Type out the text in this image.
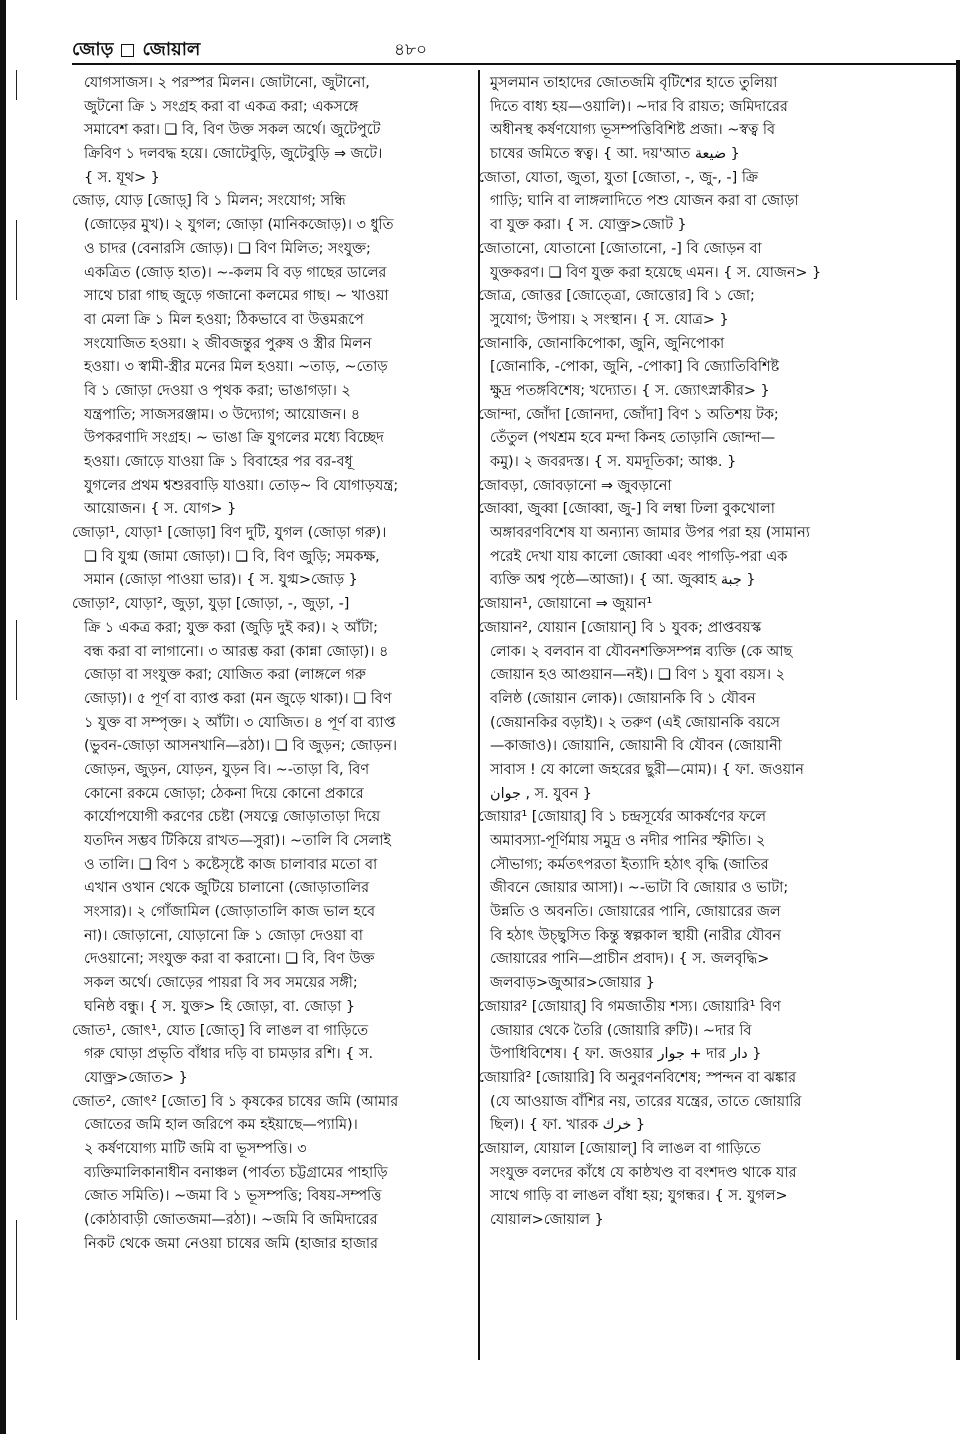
জোড় জোয়াল	৪৮০
যোগসাজস। ২ পরস্পর মিলন। জোটানো, জুটানো,
জুটনো ক্রি ১ সংগ্রহ করা বা একত্র করা; একসঙ্গে
সমাবেশ করা। ❏ বি, বিণ উক্ত সকল অর্থে। জুটেপুটে
ক্রিবিণ ১ দলবদ্ধ হয়ে। জোটেবুড়ি, জুটেবুড়ি ⇒ জটে।
{ স. যূথ> }
জোড়, যোড় [জোড়্] বি ১ মিলন; সংযোগ; সন্ধি
(জোড়ের মুখ)। ২ যুগল; জোড়া (মানিকজোড়)। ৩ ধুতি
ও চাদর (বেনারসি জোড়)। ❏ বিণ মিলিত; সংযুক্ত;
একত্রিত (জোড় হাত)। ~-কলম বি বড় গাছের ডালের
সাথে চারা গাছ জুড়ে গজানো কলমের গাছ। ~ খাওয়া
বা মেলা ক্রি ১ মিল হওয়া; ঠিকভাবে বা উত্তমরূপে
সংযোজিত হওয়া। ২ জীবজন্তুর পুরুষ ও স্ত্রীর মিলন
হওয়া। ৩ স্বামী-স্ত্রীর মনের মিল হওয়া। ~তাড়, ~তোড়
বি ১ জোড়া দেওয়া ও পৃথক করা; ভাঙাগড়া। ২
যন্ত্রপাতি; সাজসরঞ্জাম। ৩ উদ্যোগ; আয়োজন। ৪
উপকরণাদি সংগ্রহ। ~ ভাঙা ক্রি যুগলের মধ্যে বিচ্ছেদ
হওয়া। জোড়ে যাওয়া ক্রি ১ বিবাহের পর বর-বধূ
যুগলের প্রথম শ্বশুরবাড়ি যাওয়া। তোড়~ বি যোগাড়যন্ত্র;
আয়োজন। { স. যোগ> }
জোড়া¹, যোড়া¹ [জোড়া] বিণ দুটি, যুগল (জোড়া গরু)।
❏ বি যুগ্ম (জামা জোড়া)। ❏ বি, বিণ জুড়ি; সমকক্ষ,
সমান (জোড়া পাওয়া ভার)। { স. যুগ্ম>জোড় }
জোড়া², যোড়া², জুড়া, যুড়া [জোড়া, -, জুড়া, -]
ক্রি ১ একত্র করা; যুক্ত করা (জুড়ি দুই কর)। ২ আঁটা;
বন্ধ করা বা লাগানো। ৩ আরম্ভ করা (কান্না জোড়া)। ৪
জোড়া বা সংযুক্ত করা; যোজিত করা (লাঙ্গলে গরু
জোড়া)। ৫ পূর্ণ বা ব্যাপ্ত করা (মন জুড়ে থাকা)। ❏ বিণ
১ যুক্ত বা সম্পৃক্ত। ২ আঁটা। ৩ যোজিত। ৪ পূর্ণ বা ব্যাপ্ত
(ভুবন-জোড়া আসনখানি—রঠা)। ❏ বি জুড়ন; জোড়ন।
জোড়ন, জুড়ন, যোড়ন, যুড়ন বি। ~-তাড়া বি, বিণ
কোনো রকমে জোড়া; ঠেকনা দিয়ে কোনো প্রকারে
কার্যোপযোগী করণের চেষ্টা (সযত্নে জোড়াতাড়া দিয়ে
যতদিন সম্ভব টিকিয়ে রাখত—সুরা)। ~তালি বি সেলাই
ও তালি। ❏ বিণ ১ কষ্টেসৃষ্টে কাজ চালাবার মতো বা
এখান ওখান থেকে জুটিয়ে চালানো (জোড়াতালির
সংসার)। ২ গোঁজামিল (জোড়াতালি কাজ ভাল হবে
না)। জোড়ানো, যোড়ানো ক্রি ১ জোড়া দেওয়া বা
দেওয়ানো; সংযুক্ত করা বা করানো। ❏ বি, বিণ উক্ত
সকল অর্থে। জোড়ের পায়রা বি সব সময়ের সঙ্গী;
ঘনিষ্ঠ বন্ধু। { স. যুক্ত> হি জোড়া, বা. জোড়া }
জোত¹, জোৎ¹, যোত [জোত্] বি লাঙল বা গাড়িতে
গরু ঘোড়া প্রভৃতি বাঁধার দড়ি বা চামড়ার রশি। { স.
যোক্ত্র>জোত> }
জোত², জোৎ² [জোত] বি ১ কৃষকের চাষের জমি (আমার
জোতের জমি হাল জরিপে কম হইয়াছে—প্যামি)।
২ কর্ষণযোগ্য মাটি জমি বা ভূসম্পত্তি। ৩
ব্যক্তিমালিকানাধীন বনাঞ্চল (পার্বত্য চট্টগ্রামের পাহাড়ি
জোত সমিতি)। ~জমা বি ১ ভূসম্পত্তি; বিষয়-সম্পত্তি
(কোঠাবাড়ী জোতজমা—রঠা)। ~জমি বি জমিদারের
নিকট থেকে জমা নেওয়া চাষের জমি (হাজার হাজার
মুসলমান তাহাদের জোতজমি বৃটিশের হাতে তুলিয়া
দিতে বাধ্য হয়—ওয়ালি)। ~দার বি রায়ত; জমিদারের
অধীনস্থ কর্ষণযোগ্য ভূসম্পত্তিবিশিষ্ট প্রজা। ~স্বত্ব বি
চাষের জমিতে স্বত্ব। { আ. দয়'আত ضيعة }
জোতা, যোতা, জুতা, যুতা [জোতা, -, জু-, -] ক্রি
গাড়ি; ঘানি বা লাঙ্গলাদিতে পশু যোজন করা বা জোড়া
বা যুক্ত করা। { স. যোক্ত্র>জোট }
জোতানো, যোতানো [জোতানো, -] বি জোড়ন বা
যুক্তকরণ। ❏ বিণ যুক্ত করা হয়েছে এমন। { স. যোজন> }
জোত্র, জোত্তর [জোত্ত্রো, জোত্তোর] বি ১ জো;
সুযোগ; উপায়। ২ সংস্থান। { স. যোত্র> }
জোনাকি, জোনাকিপোকা, জুনি, জুনিপোকা
[জোনাকি, -পোকা, জুনি, -পোকা] বি জ্যোতিবিশিষ্ট
ক্ষুদ্র পতঙ্গবিশেষ; খদ্যোত। { স. জ্যোৎস্নাকীর> }
জোন্দা, জোঁদা [জোনদা, জোঁদা] বিণ ১ অতিশয় টক;
তেঁতুল (পথশ্রম হবে মন্দা কিনহ তোড়ানি জোন্দা—
কমু)। ২ জবরদস্ত। { স. যমদূতিকা; আঞ্চ. }
জোবড়া, জোবড়ানো ⇒ জুবড়ানো
জোব্বা, জুব্বা [জোব্বা, জু-] বি লম্বা ঢিলা বুকখোলা
অঙ্গাবরণবিশেষ যা অন্যান্য জামার উপর পরা হয় (সামান্য
পরেই দেখা যায় কালো জোব্বা এবং পাগড়ি-পরা এক
ব্যক্তি অশ্ব পৃষ্ঠে—আজা)। { আ. জুব্বাহ جبة }
জোয়ান¹, জোয়ানো ⇒ জুয়ান¹
জোয়ান², যোয়ান [জোয়ান্] বি ১ যুবক; প্রাপ্তবয়স্ক
লোক। ২ বলবান বা যৌবনশক্তিসম্পন্ন ব্যক্তি (কে আছ
জোয়ান হও আগুয়ান—নই)। ❏ বিণ ১ যুবা বয়স। ২
বলিষ্ঠ (জোয়ান লোক)। জোয়ানকি বি ১ যৌবন
(জেয়ানকির বড়াই)। ২ তরুণ (এই জোয়ানকি বয়সে
—কাজাও)। জোয়ানি, জোয়ানী বি যৌবন (জোয়ানী
সাবাস ! যে কালো জহরের ছুরী—মোম)। { ফা. জওয়ান
جوان , স. যুবন }
জোয়ার¹ [জোয়ার্] বি ১ চন্দ্রসূর্যের আকর্ষণের ফলে
অমাবস্যা-পূর্ণিমায় সমুদ্র ও নদীর পানির স্ফীতি। ২
সৌভাগ্য; কর্মতৎপরতা ইত্যাদি হঠাৎ বৃদ্ধি (জাতির
জীবনে জোয়ার আসা)। ~-ভাটা বি জোয়ার ও ভাটা;
উন্নতি ও অবনতি। জোয়ারের পানি, জোয়ারের জল
বি হঠাৎ উচ্ছ্বসিত কিন্তু স্বল্পকাল স্থায়ী (নারীর যৌবন
জোয়ারের পানি—প্রাচীন প্রবাদ)। { স. জলবৃদ্ধি>
জলবাড়>জুআর>জোয়ার }
জোয়ার² [জোয়ার্] বি গমজাতীয় শস্য। জোয়ারি¹ বিণ
জোয়ার থেকে তৈরি (জোয়ারি রুটি)। ~দার বি
উপাধিবিশেষ। { ফা. জওয়ার جوار + দার دار }
জোয়ারি² [জোয়ারি] বি অনুরণনবিশেষ; স্পন্দন বা ঝঙ্কার
(যে আওয়াজ বাঁশির নয়, তারের যন্ত্রের, তাতে জোয়ারি
ছিল)। { ফা. খারক خرك }
জোয়াল, যোয়াল [জোয়াল্] বি লাঙল বা গাড়িতে
সংযুক্ত বলদের কাঁধে যে কাষ্ঠখণ্ড বা বংশদণ্ড থাকে যার
সাথে গাড়ি বা লাঙল বাঁধা হয়; যুগন্ধর। { স. যুগল>
যোয়াল>জোয়াল }
